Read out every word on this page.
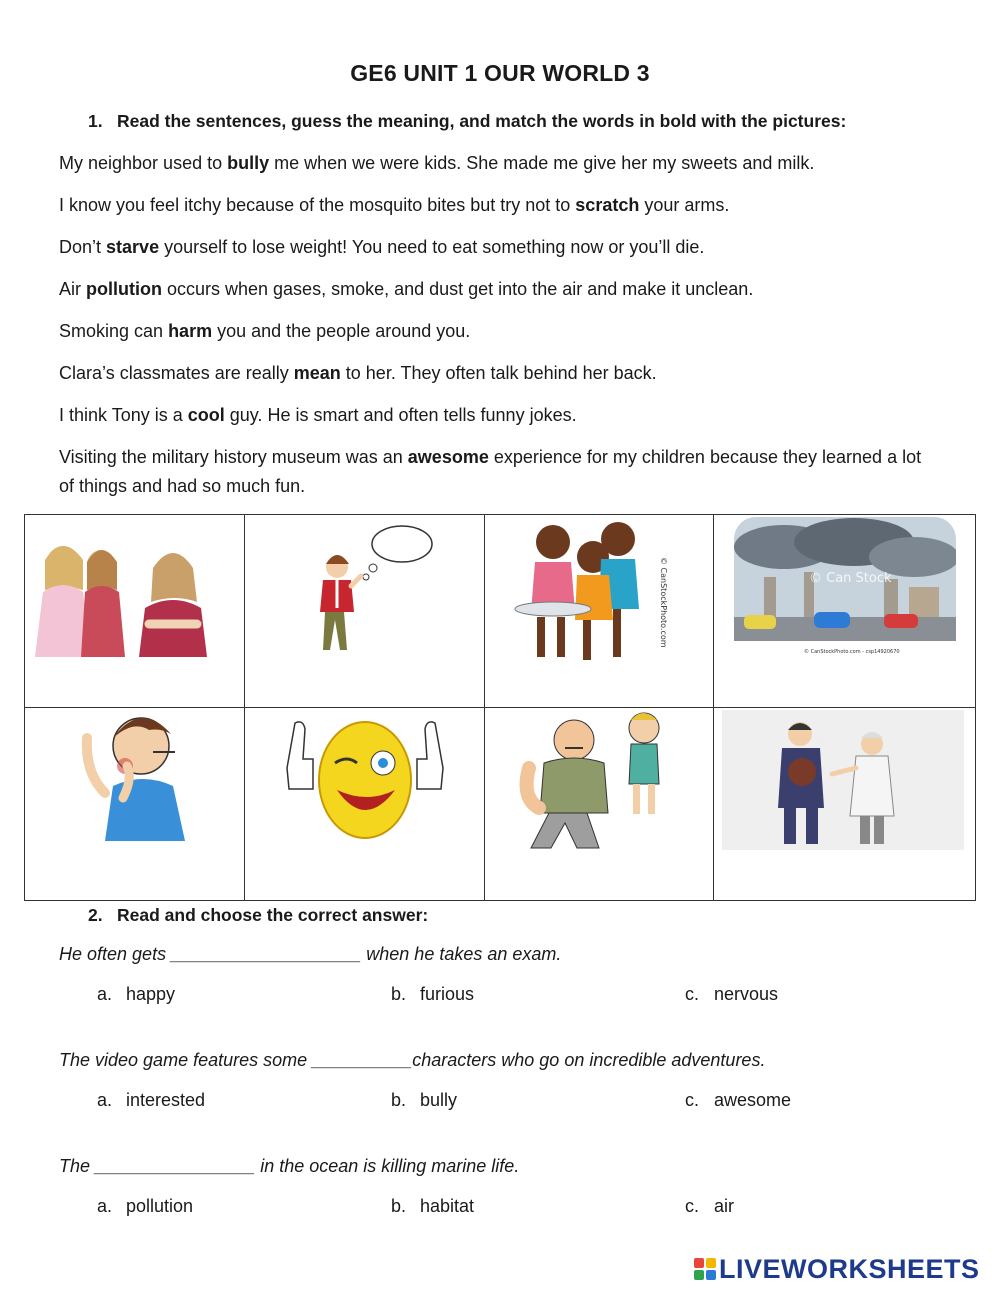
GE6 UNIT 1 OUR WORLD 3
1. Read the sentences, guess the meaning, and match the words in bold with the pictures:
My neighbor used to bully me when we were kids. She made me give her my sweets and milk.
I know you feel itchy because of the mosquito bites but try not to scratch your arms.
Don’t starve yourself to lose weight! You need to eat something now or you’ll die.
Air pollution occurs when gases, smoke, and dust get into the air and make it unclean.
Smoking can harm you and the people around you.
Clara’s classmates are really mean to her. They often talk behind her back.
I think Tony is a cool guy. He is smart and often tells funny jokes.
Visiting the military history museum was an awesome experience for my children because they learned a lot of things and had so much fun.

© CanStockPhoto.com	© Can Stock
© CanStockPhoto.com - csp14920670

2. Read and choose the correct answer:
He often gets ___________________ when he takes an exam.
a. happy	b. furious	c. nervous
The video game features some __________characters who go on incredible adventures.
a. interested	b. bully	c. awesome
The ________________ in the ocean is killing marine life.
a. pollution	b. habitat	c. air
LIVEWORKSHEETS
